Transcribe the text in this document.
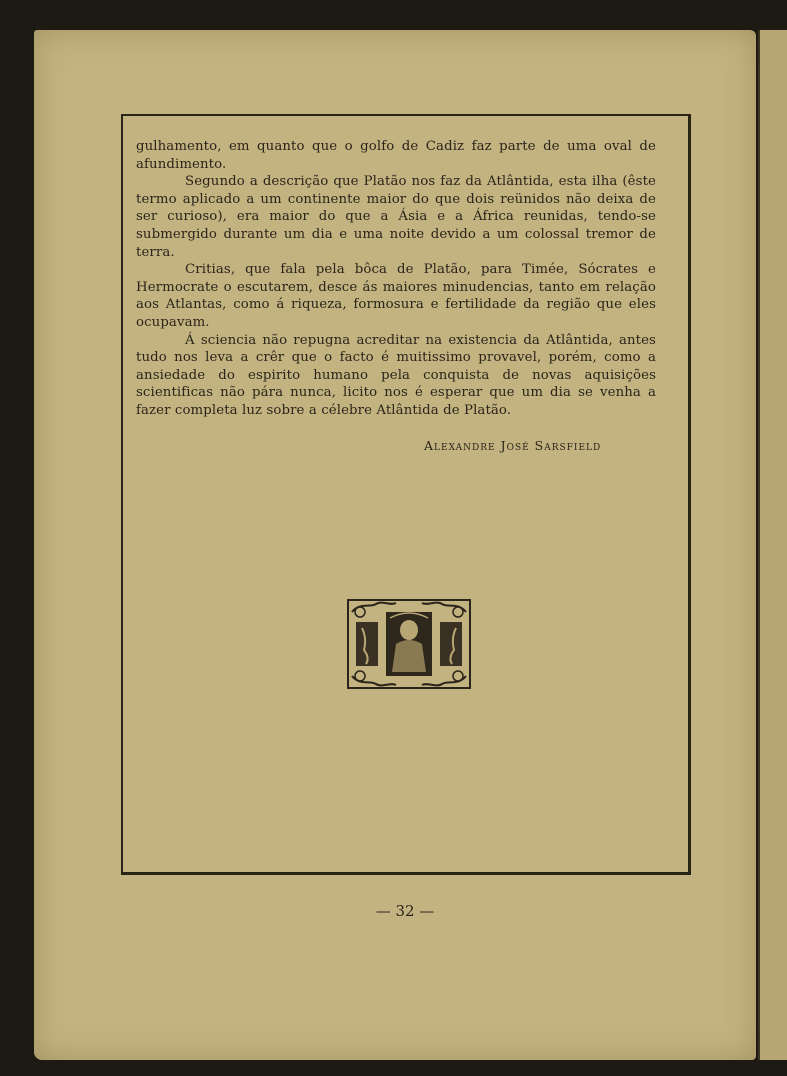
gulhamento, em quanto que o golfo de Cadiz faz parte de uma oval de afundimento.

Segundo a descrição que Platão nos faz da Atlântida, esta ilha (êste termo aplicado a um continente maior do que dois reünidos não deixa de ser curioso), era maior do que a Ásia e a África reunidas, tendo-se submergido durante um dia e uma noite devido a um colossal tremor de terra.

Critias, que fala pela bôca de Platão, para Timée, Sócrates e Hermocrate o escutarem, desce ás maiores minudencias, tanto em relação aos Atlantas, como á riqueza, formosura e fertilidade da região que eles ocupavam.

Á sciencia não repugna acreditar na existencia da Atlântida, antes tudo nos leva a crêr que o facto é muitissimo provavel, porém, como a ansiedade do espirito humano pela conquista de novas aquisições scientificas não pára nunca, licito nos é esperar que um dia se venha a fazer completa luz sobre a célebre Atlântida de Platão.

Alexandre José Sarsfield
— 32 —
